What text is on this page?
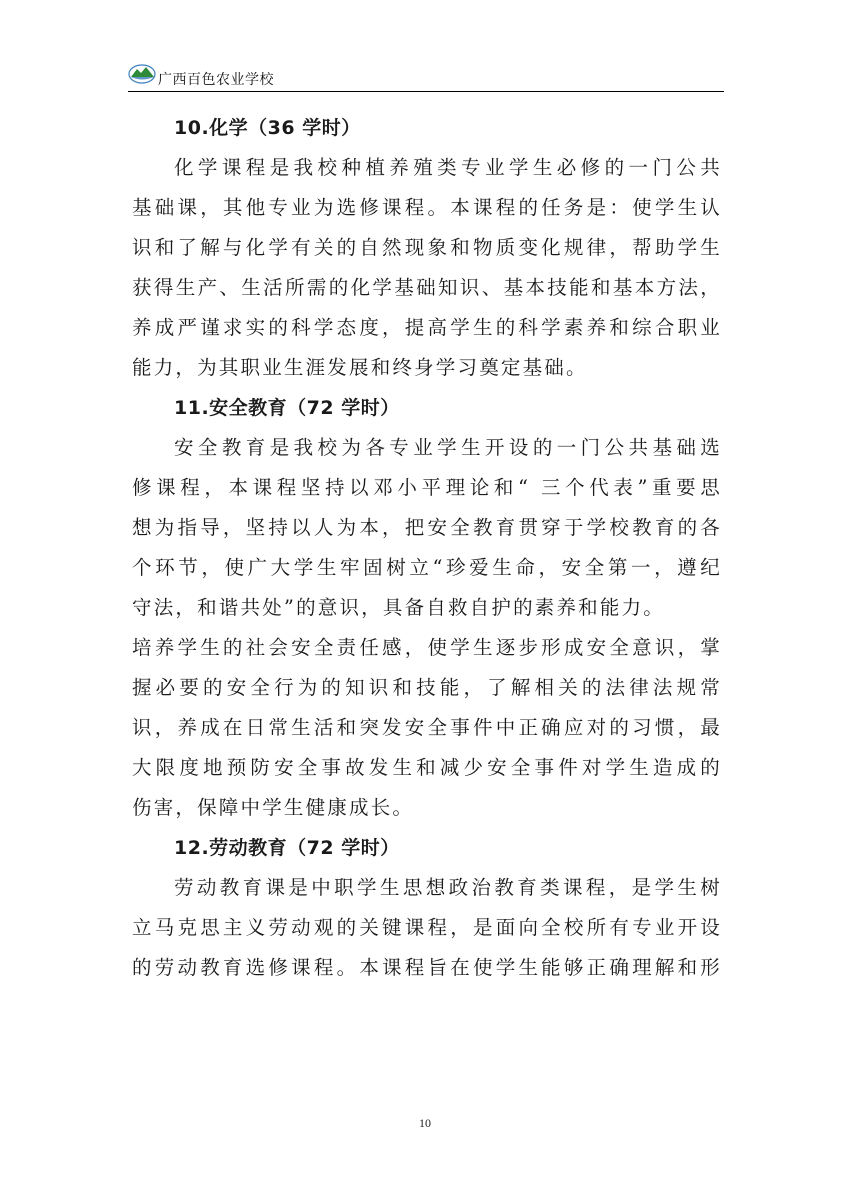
广西百色农业学校
10.化学（36 学时）

化学课程是我校种植养殖类专业学生必修的一门公共
基础课，其他专业为选修课程。本课程的任务是：使学生认
识和了解与化学有关的自然现象和物质变化规律，帮助学生
获得生产、生活所需的化学基础知识、基本技能和基本方法，
养成严谨求实的科学态度，提高学生的科学素养和综合职业
能力，为其职业生涯发展和终身学习奠定基础。

11.安全教育（72 学时）

安全教育是我校为各专业学生开设的一门公共基础选
修课程，本课程坚持以邓小平理论和“ 三个代表”重要思
想为指导，坚持以人为本，把安全教育贯穿于学校教育的各
个环节，使广大学生牢固树立“珍爱生命，安全第一，遵纪
守法，和谐共处”的意识，具备自救自护的素养和能力。

培养学生的社会安全责任感，使学生逐步形成安全意识，掌
握必要的安全行为的知识和技能，了解相关的法律法规常
识，养成在日常生活和突发安全事件中正确应对的习惯，最
大限度地预防安全事故发生和减少安全事件对学生造成的
伤害，保障中学生健康成长。

12.劳动教育（72 学时）

劳动教育课是中职学生思想政治教育类课程，是学生树
立马克思主义劳动观的关键课程，是面向全校所有专业开设
的劳动教育选修课程。本课程旨在使学生能够正确理解和形

10
